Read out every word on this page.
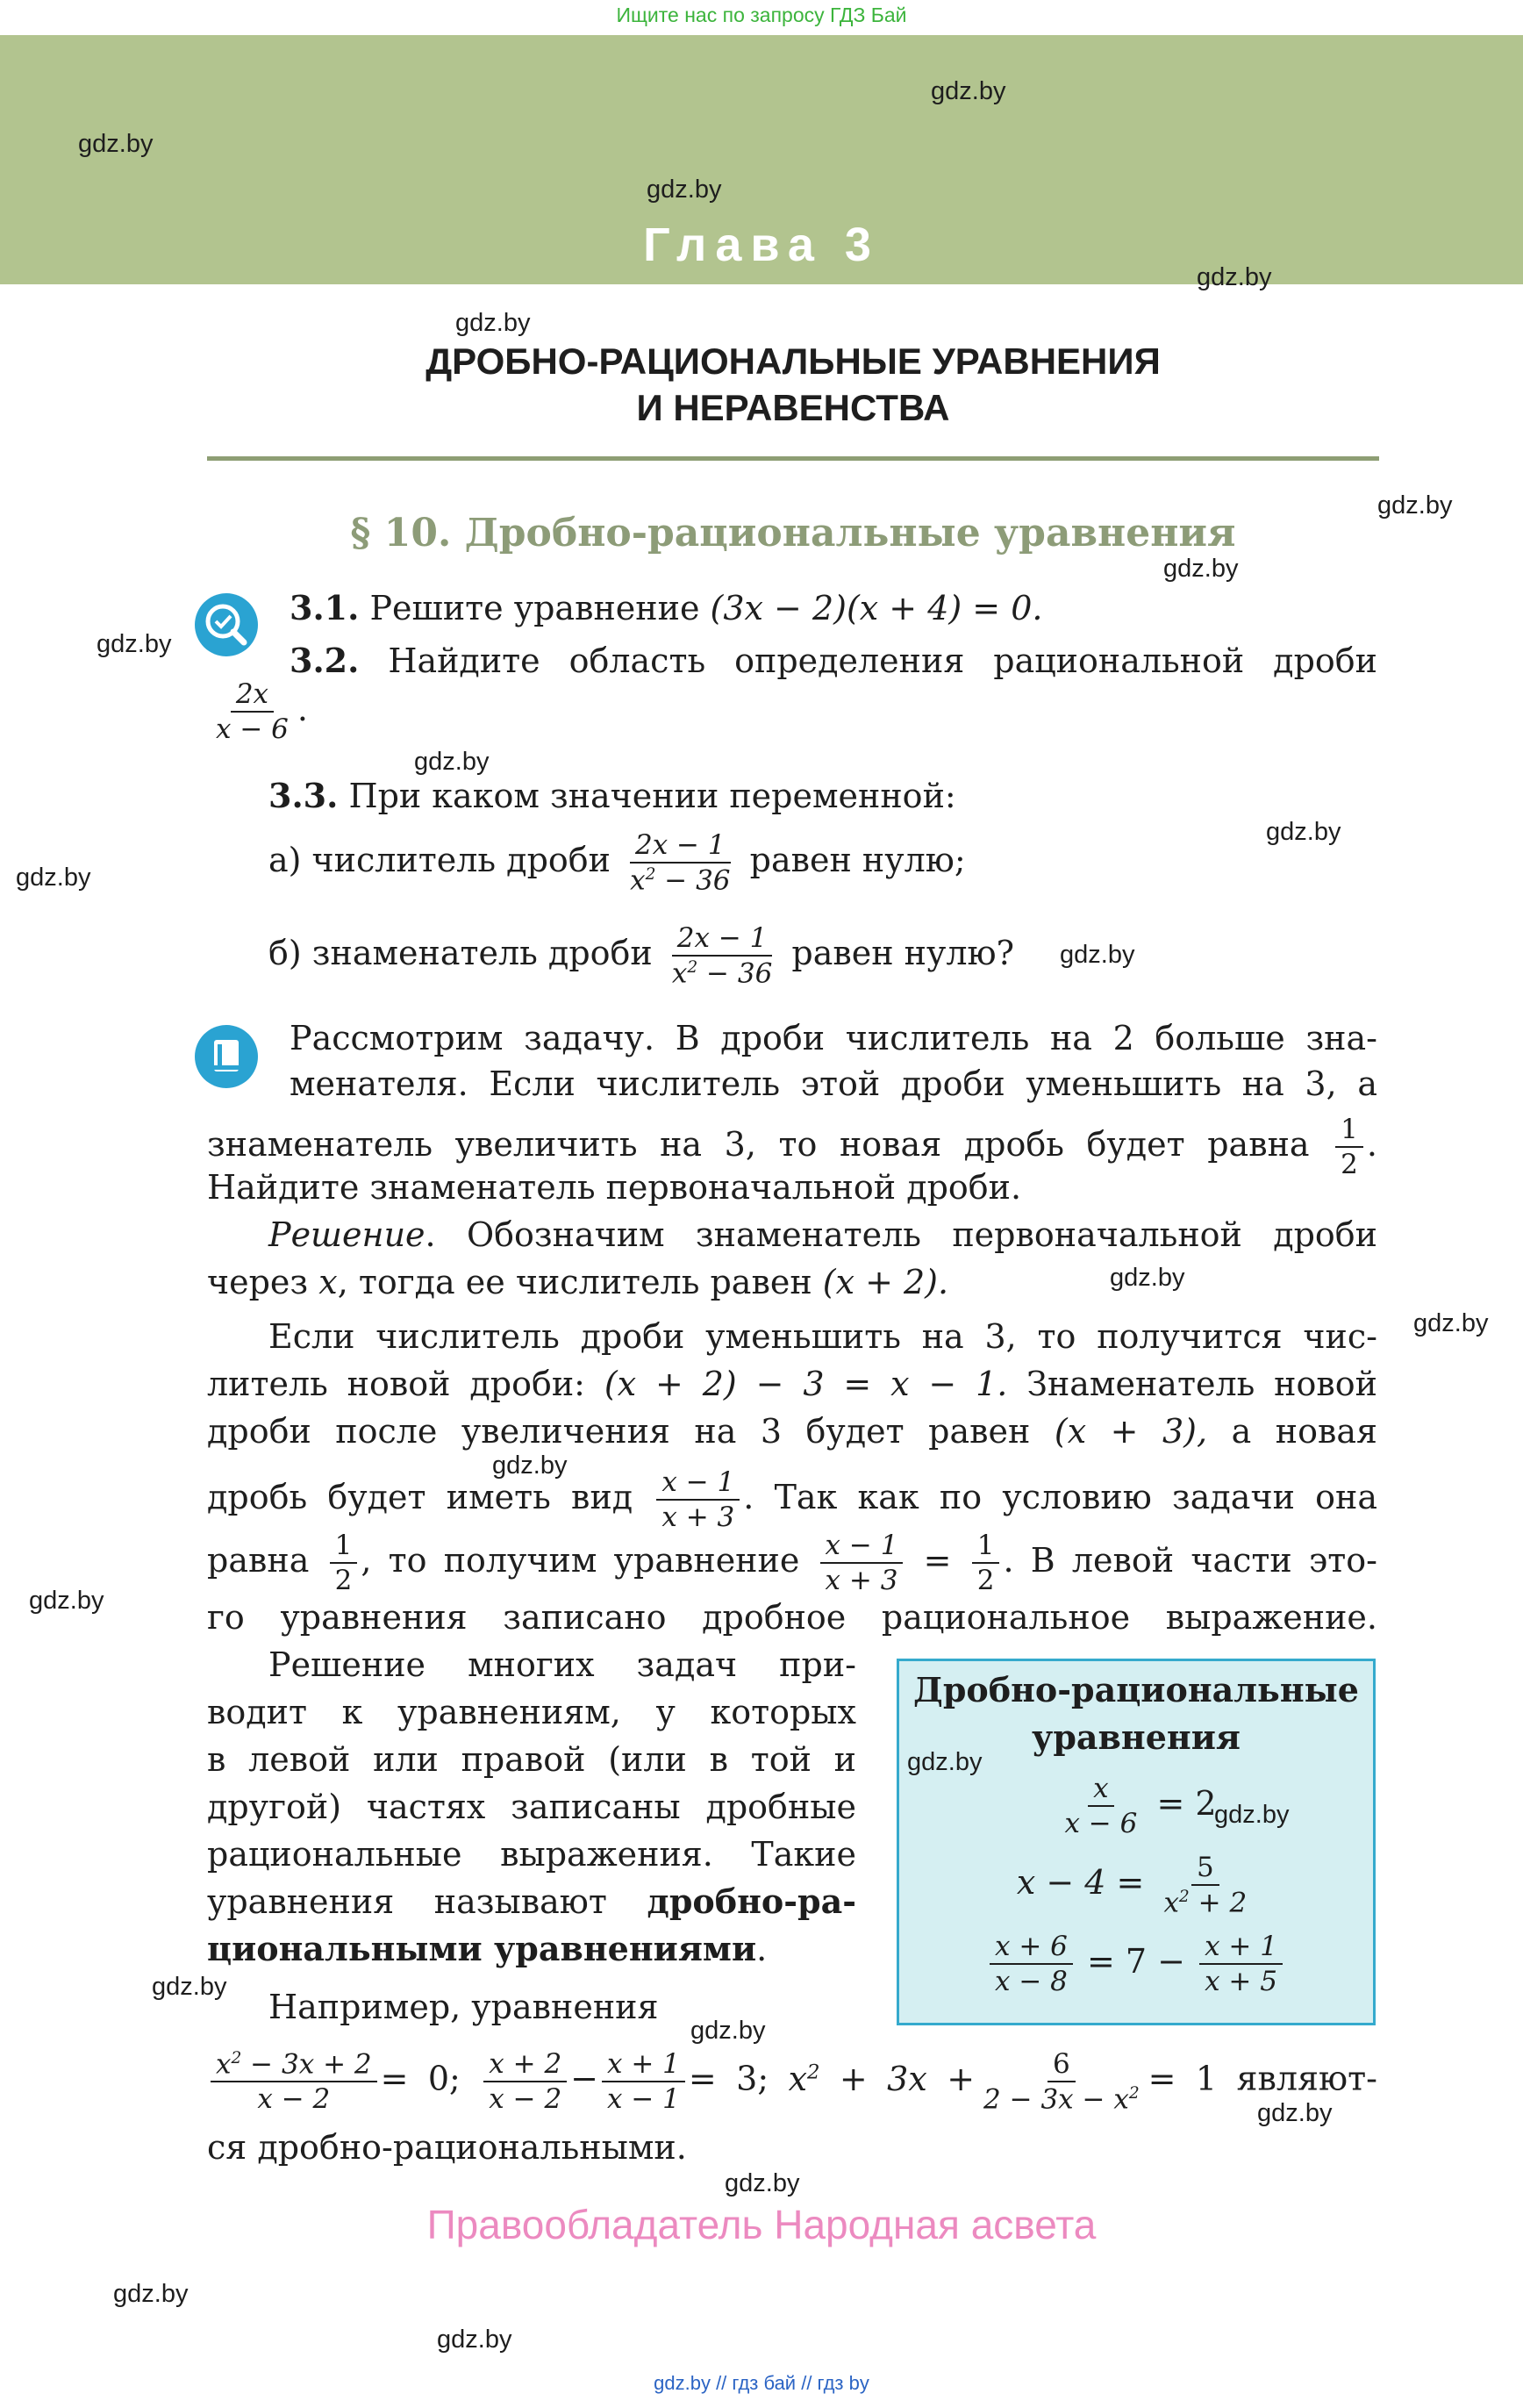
Ищите нас по запросу ГДЗ Бай
Глава 3
ДРОБНО-РАЦИОНАЛЬНЫЕ УРАВНЕНИЯ
И НЕРАВЕНСТВА
§ 10. Дробно-рациональные уравнения
3.1. Решите уравнение (3x − 2)(x + 4) = 0.
3.2. Найдите область определения рациональной дроби
$\frac{2x}{x - 6}$ .
3.3. При каком значении переменной:
а) числитель дроби $\frac{2x - 1}{x^2 - 36}$ равен нулю;
б) знаменатель дроби $\frac{2x - 1}{x^2 - 36}$ равен нулю?
Рассмотрим задачу. В дроби числитель на 2 больше зна-
менателя. Если числитель этой дроби уменьшить на 3, а
знаменатель увеличить на 3, то новая дробь будет равна $\frac{1}{2}$ .
Найдите знаменатель первоначальной дроби.
Решение. Обозначим знаменатель первоначальной дроби
через x, тогда ее числитель равен (x + 2).
Если числитель дроби уменьшить на 3, то получится чис-
литель новой дроби: (x + 2) − 3 = x − 1. Знаменатель новой
дроби после увеличения на 3 будет равен (x + 3), а новая
дробь будет иметь вид $\frac{x - 1}{x + 3}$ . Так как по условию задачи она
равна $\frac{1}{2}$ , то получим уравнение $\frac{x - 1}{x + 3} = \frac{1}{2}$ . В левой части это-
го уравнения записано дробное рациональное выражение.
Решение многих задач при-
водит к уравнениям, у которых
в левой или правой (или в той и
другой) частях записаны дробные
рациональные выражения. Такие
уравнения называют дробно-ра-
циональными уравнениями.
Например, уравнения
Дробно-рациональные
уравнения
$\frac{x}{x - 6} = 2$
$x - 4 = \frac{5}{x^2 + 2}$
$\frac{x + 6}{x - 8} = 7 - \frac{x + 1}{x + 5}$
$\frac{x^2 - 3x + 2}{x - 2} = 0$; $\frac{x + 2}{x - 2} - \frac{x + 1}{x - 1} = 3$; $x^2 + 3x + \frac{6}{2 - 3x - x^2} = 1$ являют-
ся дробно-рациональными.
Правообладатель Народная асвета
gdz.by // гдз бай // гдз by
gdz.by
gdz.by
gdz.by
gdz.by
gdz.by
gdz.by
gdz.by
gdz.by
gdz.by
gdz.by
gdz.by
gdz.by
gdz.by
gdz.by
gdz.by
gdz.by
gdz.by
gdz.by
gdz.by
gdz.by
gdz.by
gdz.by
gdz.by
gdz.by
